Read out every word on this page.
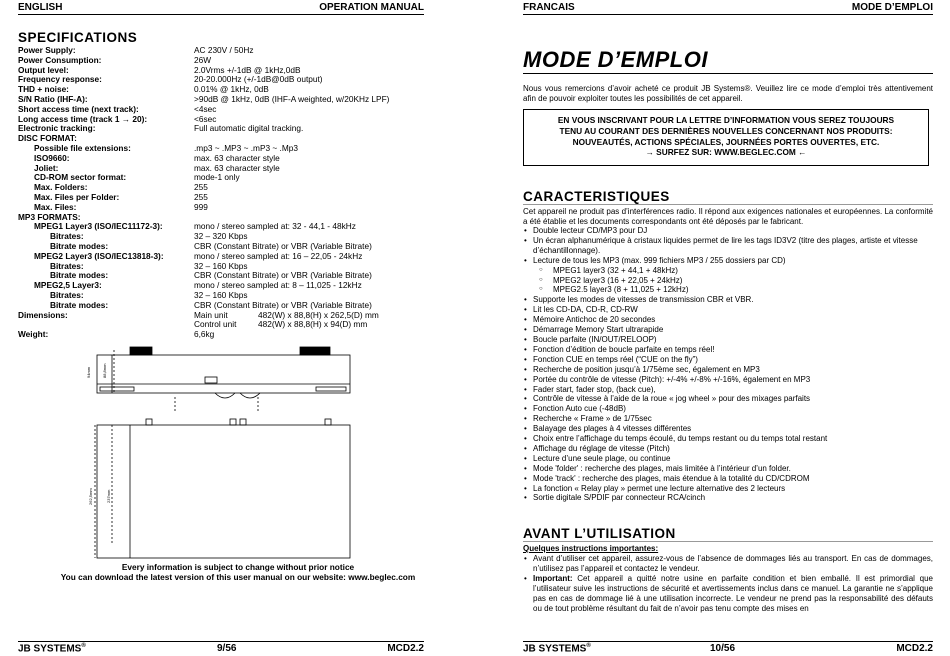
ENGLISH	OPERATION MANUAL
SPECIFICATIONS
Power Supply:	AC 230V / 50Hz
Power Consumption:	26W
Output level:	2.0Vrms +/-1dB @ 1kHz,0dB
Frequency response:	20-20.000Hz (+/-1dB@0dB output)
THD + noise:	0.01% @ 1kHz, 0dB
S/N Ratio (IHF-A):	>90dB @ 1kHz, 0dB (IHF-A weighted, w/20KHz LPF)
Short access time (next track):	<4sec
Long access time (track 1 → 20):	<6sec
Electronic tracking:	Full automatic digital tracking.
DISC FORMAT:
Possible file extensions:	.mp3 ~ .MP3 ~ .mP3 ~ .Mp3
ISO9660:	max. 63 character style
Joliet:	max. 63 character style
CD-ROM sector format:	mode-1 only
Max. Folders:	255
Max. Files per Folder:	255
Max. Files:	999
MP3 FORMATS:
MPEG1 Layer3 (ISO/IEC11172-3):	mono / stereo sampled at: 32 - 44,1 - 48kHz
Bitrates:	32 – 320 Kbps
Bitrate modes:	CBR (Constant Bitrate) or VBR (Variable Bitrate)
MPEG2 Layer3 (ISO/IEC13818-3):	mono / stereo sampled at: 16 – 22,05 - 24kHz
Bitrates:	32 – 160 Kbps
Bitrate modes:	CBR (Constant Bitrate) or VBR (Variable Bitrate)
MPEG2,5 Layer3:	mono / stereo sampled at: 8 – 11,025 - 12kHz
Bitrates:	32 – 160 Kbps
Bitrate modes:	CBR (Constant Bitrate) or VBR (Variable Bitrate)
Dimensions:	Main unit	482(W) x 88,8(H) x 262,5(D) mm
Control unit	482(W) x 88,8(H) x 94(D) mm
Weight:	6,6kg
94mm	88,8mm
262,5mm	237mm
Every information is subject to change without prior notice
You can download the latest version of this user manual on our website: www.beglec.com
JB SYSTEMS®	9/56	MCD2.2
FRANCAIS	MODE D’EMPLOI
MODE D’EMPLOI
Nous vous remercions d’avoir acheté ce produit JB Systems®. Veuillez lire ce mode d’emploi très attentivement afin de pouvoir exploiter toutes les possibilités de cet appareil.
EN VOUS INSCRIVANT POUR LA LETTRE D’INFORMATION VOUS SEREZ TOUJOURS
TENU AU COURANT DES DERNIÈRES NOUVELLES CONCERNANT NOS PRODUITS:
NOUVEAUTÉS, ACTIONS SPÉCIALES, JOURNÉES PORTES OUVERTES, ETC.
→ SURFEZ SUR: WWW.BEGLEC.COM ←
CARACTERISTIQUES
Cet appareil ne produit pas d’interférences radio. Il répond aux exigences nationales et européennes. La conformité a été établie et les documents correspondants ont été déposés par le fabricant.
• Double lecteur CD/MP3 pour DJ
• Un écran alphanumérique à cristaux liquides permet de lire les tags ID3V2 (titre des plages, artiste et vitesse d’échantillonnage).
• Lecture de tous les MP3 (max. 999 fichiers MP3 / 255 dossiers par CD)
○ MPEG1 layer3 (32 + 44,1 + 48kHz)
○ MPEG2 layer3 (16 + 22,05 + 24kHz)
○ MPEG2.5 layer3 (8 + 11,025 + 12kHz)
• Supporte les modes de vitesses de transmission CBR et VBR.
• Lit les CD-DA, CD-R, CD-RW
• Mémoire Antichoc de 20 secondes
• Démarrage Memory Start ultrarapide
• Boucle parfaite (IN/OUT/RELOOP)
• Fonction d’édition de boucle parfaite en temps réel!
• Fonction CUE en temps réel (“CUE on the fly”)
• Recherche de position jusqu’à 1/75ème sec, également en MP3
• Portée du contrôle de vitesse (Pitch): +/-4% +/-8% +/-16%, également en MP3
• Fader start, fader stop, (back cue),
• Contrôle de vitesse à l’aide de la roue « jog wheel » pour des mixages parfaits
• Fonction Auto cue (-48dB)
• Recherche « Frame » de 1/75sec
• Balayage des plages à 4 vitesses différentes
• Choix entre l’affichage du temps écoulé, du temps restant ou du temps total restant
• Affichage du réglage de vitesse (Pitch)
• Lecture d’une seule plage, ou continue
• Mode 'folder' : recherche des plages, mais limitée à l’intérieur d’un folder.
• Mode 'track' : recherche des plages, mais étendue à la totalité du CD/CDROM
• La fonction « Relay play » permet une lecture alternative des 2 lecteurs
• Sortie digitale S/PDIF par connecteur RCA/cinch
AVANT L’UTILISATION
Quelques instructions importantes:
• Avant d’utiliser cet appareil, assurez-vous de l’absence de dommages liés au transport. En cas de dommages, n’utilisez pas l’appareil et contactez le vendeur.
• Important: Cet appareil a quitté notre usine en parfaite condition et bien emballé. Il est primordial que l’utilisateur suive les instructions de sécurité et avertissements inclus dans ce manuel. La garantie ne s’applique pas en cas de dommage lié à une utilisation incorrecte. Le vendeur ne prend pas la responsabilité des défauts ou de tout problème résultant du fait de n’avoir pas tenu compte des mises en
JB SYSTEMS®	10/56	MCD2.2
